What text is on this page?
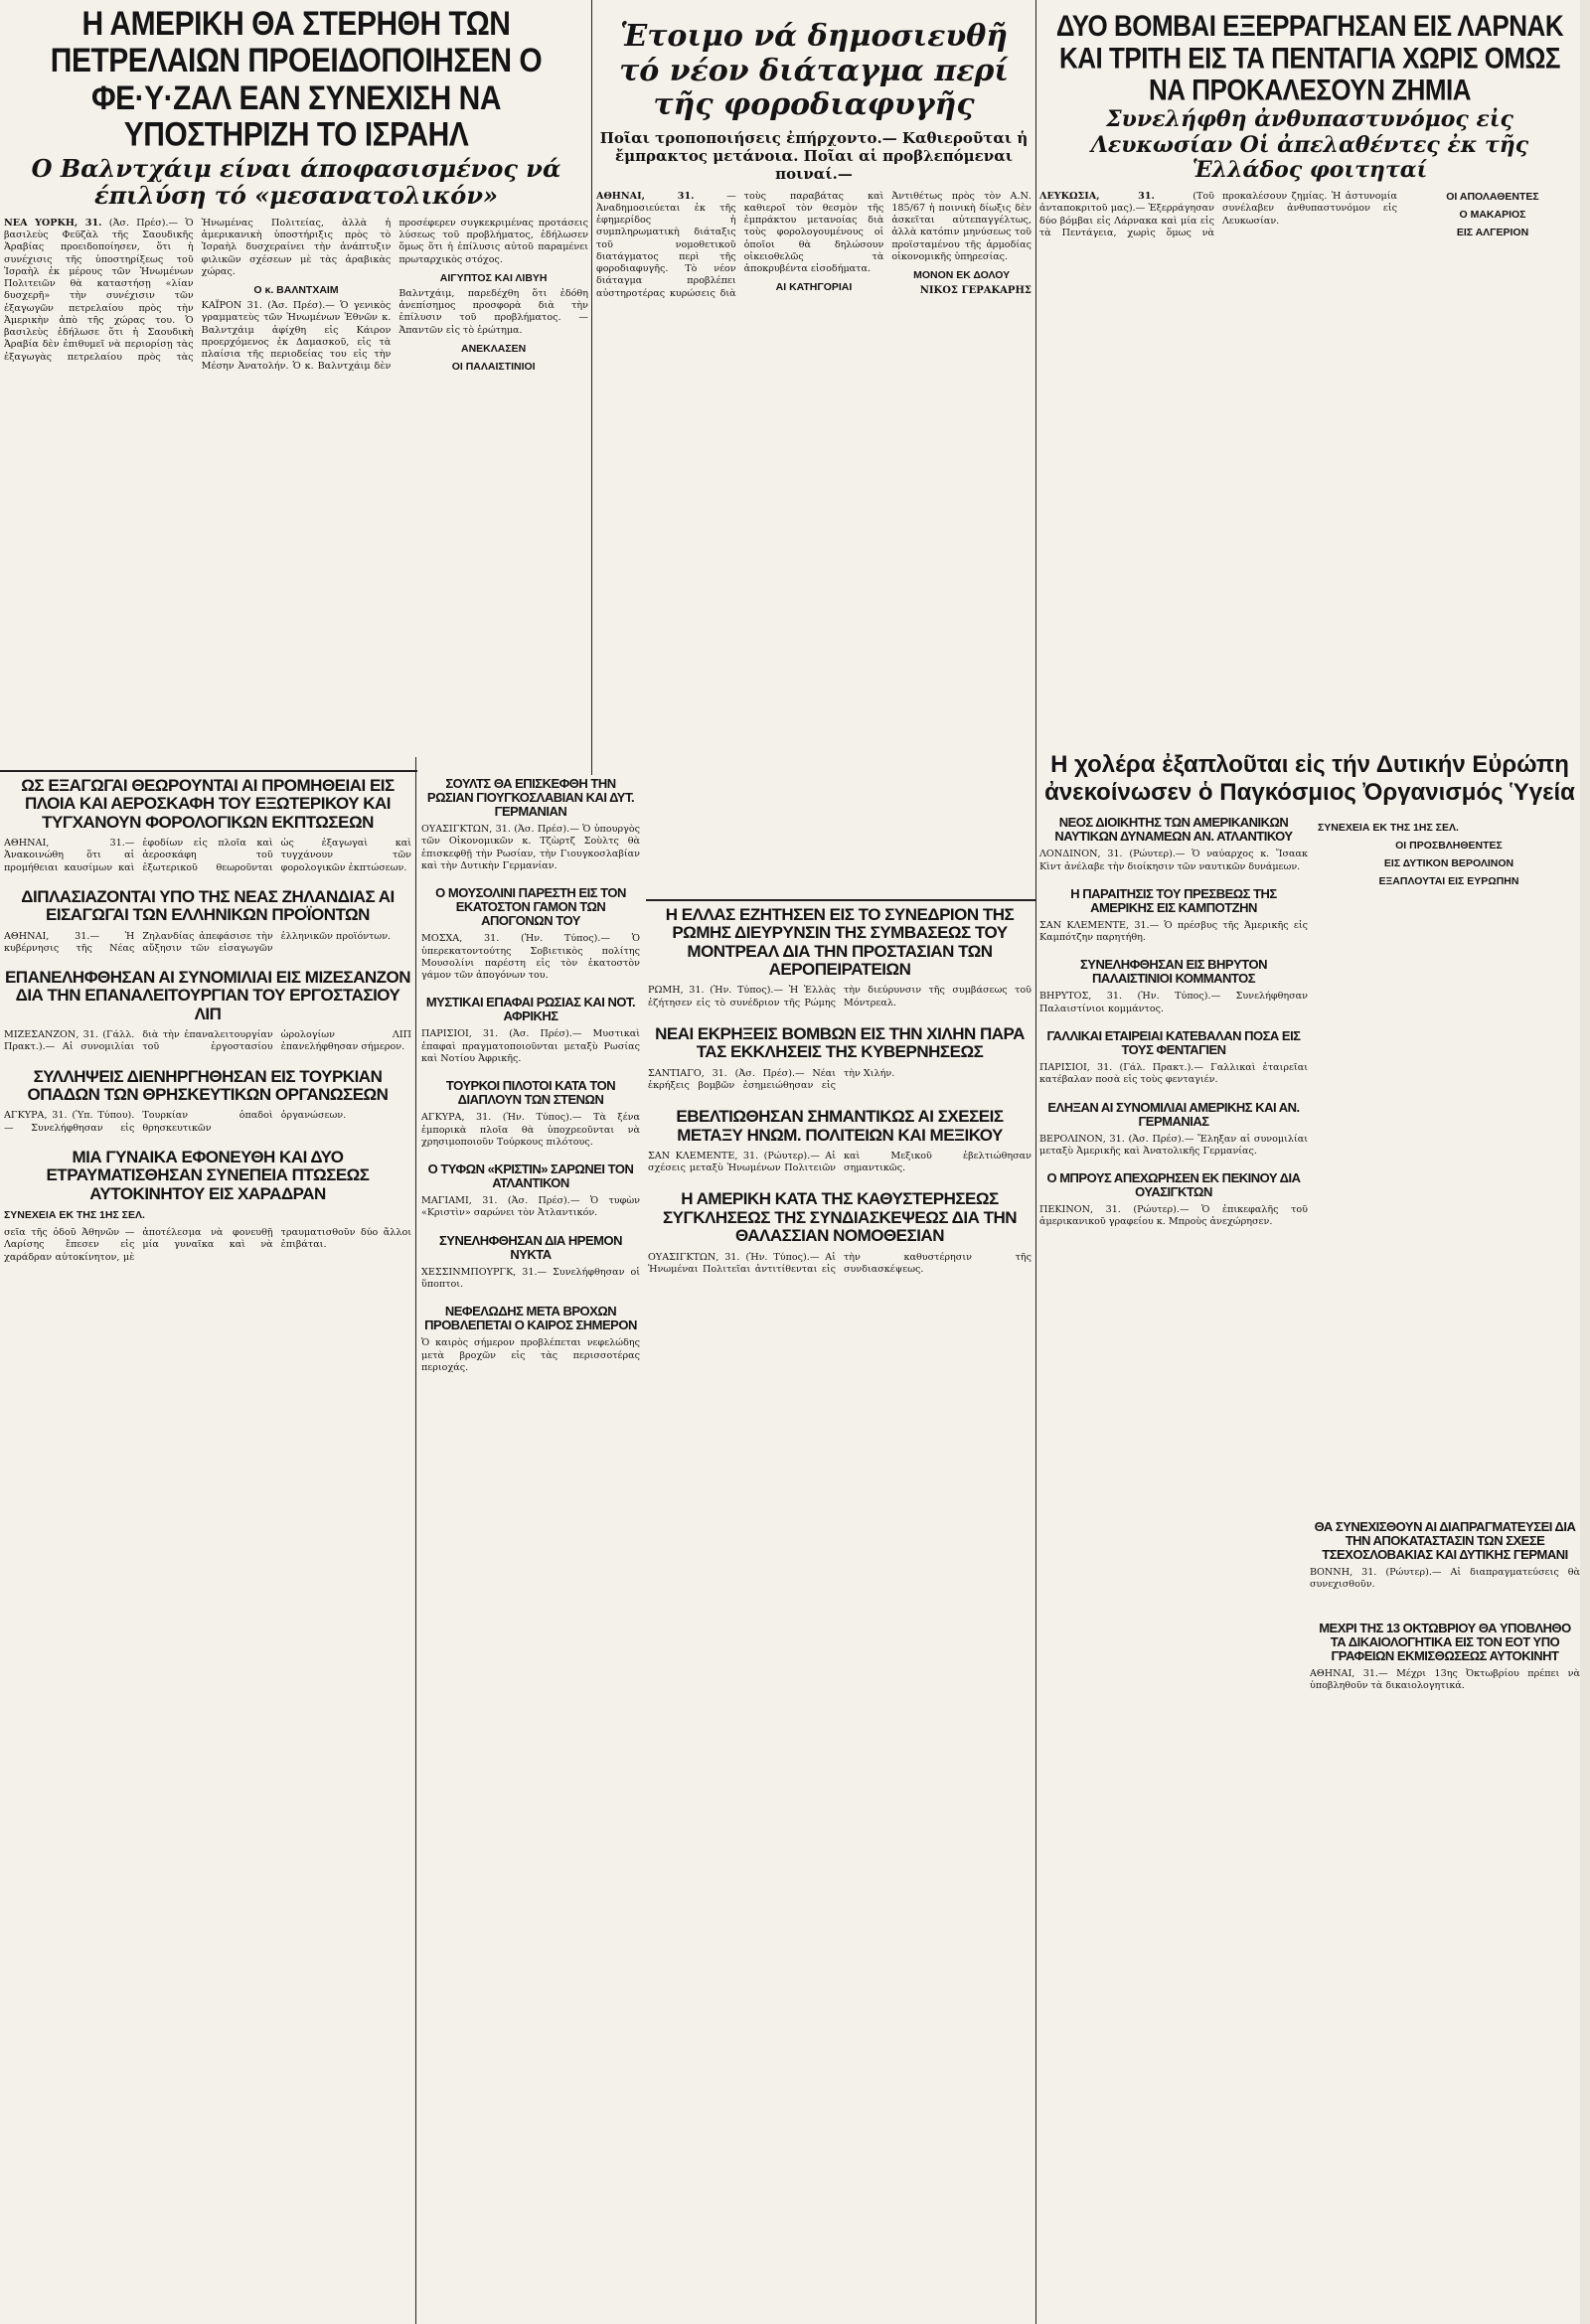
Η ΑΜΕΡΙΚΗ ΘΑ ΣΤΕΡΗΘΗ ΤΩΝ ΠΕΤΡΕΛΑΙΩΝ ΠΡΟΕΙΔΟΠΟΙΗΣΕΝ Ο ΦΕ·Υ·ΖΑΛ ΕΑΝ ΣΥΝΕΧΙΣΗ ΝΑ ΥΠΟΣΤΗΡΙΖΗ ΤΟ ΙΣΡΑΗΛ
Ο Βαλντχάιμ είναι άποφασισμένος νά έπιλύση τό «μεσανατολικόν»

ΝΕΑ ΥΟΡΚΗ, 31. (Ἀσ. Πρέσ).— Ὁ βασιλεὺς Φεϋζὰλ τῆς Σαουδικῆς Ἀραβίας προειδοποίησεν, ὅτι ἡ συνέχισις τῆς ὑποστηρίξεως τοῦ Ἰσραὴλ ἐκ μέρους τῶν Ἡνωμένων Πολιτειῶν θὰ καταστήσῃ «λίαν δυσχερῆ» τὴν συνέχισιν τῶν ἐξαγωγῶν πετρελαίου πρὸς τὴν Ἀμερικὴν ἀπὸ τῆς χώρας του. Ὁ βασιλεὺς ἐδήλωσε ὅτι ἡ Σαουδικὴ Ἀραβία δὲν ἐπιθυμεῖ νὰ περιορίσῃ τὰς ἐξαγωγὰς πετρελαίου πρὸς τὰς Ἡνωμένας Πολιτείας, ἀλλὰ ἡ ἀμερικανικὴ ὑποστήριξις πρὸς τὸ Ἰσραὴλ δυσχεραίνει τὴν ἀνάπτυξιν φιλικῶν σχέσεων μὲ τὰς ἀραβικὰς χώρας.

Ο κ. ΒΑΛΝΤΧΑΙΜ

ΚΑΪΡΟΝ 31. (Ἀσ. Πρέσ).— Ὁ γενικὸς γραμματεὺς τῶν Ἡνωμένων Ἐθνῶν κ. Βαλντχάιμ ἀφίχθη εἰς Κάιρον προερχόμενος ἐκ Δαμασκοῦ, εἰς τὰ πλαίσια τῆς περιοδείας του εἰς τὴν Μέσην Ἀνατολήν. Ὁ κ. Βαλντχάιμ δὲν προσέφερεν συγκεκριμένας προτάσεις λύσεως τοῦ προβλήματος, ἐδήλωσεν ὅμως ὅτι ἡ ἐπίλυσις αὐτοῦ παραμένει πρωταρχικὸς στόχος.

ΑΙΓΥΠΤΟΣ ΚΑΙ ΛΙΒΥΗ

Βαλντχάιμ, παρεδέχθη ὅτι ἐδόθη ἀνεπίσημος προσφορὰ διὰ τὴν ἐπίλυσιν τοῦ προβλήματος. — Ἀπαντῶν εἰς τὸ ἐρώτημα.

ΑΝΕΚΛΑΣΕΝ
ΟΙ ΠΑΛΑΙΣΤΙΝΙΟΙ
Ἑτοιμο νά δημοσιευθῆ τό νέον διάταγμα περί τῆς φοροδιαφυγῆς
Ποῖαι τροποποιήσεις ἐπήρχοντο.— Καθιεροῦται ἡ ἔμπρακτος μετάνοια. Ποῖαι αἱ προβλεπόμεναι ποιναί.—

ΑΘΗΝΑΙ, 31.	— Ἀναδημοσιεύεται ἐκ τῆς ἐφημερίδος ἡ συμπληρωματικὴ διάταξις τοῦ νομοθετικοῦ διατάγματος περὶ τῆς φοροδιαφυγῆς. Τὸ νέον διάταγμα προβλέπει αὐστηροτέρας κυρώσεις διὰ τοὺς παραβάτας καὶ καθιεροῖ τὸν θεσμὸν τῆς ἐμπράκτου μετανοίας διὰ τοὺς φορολογουμένους οἱ ὁποῖοι θὰ δηλώσουν οἰκειοθελῶς τὰ ἀποκρυβέντα εἰσοδήματα.

ΑΙ ΚΑΤΗΓΟΡΙΑΙ

Ἀντιθέτως πρὸς τὸν Α.Ν. 185/67 ἡ ποινικὴ δίωξις δὲν ἀσκεῖται αὐτεπαγγέλτως, ἀλλὰ κατόπιν μηνύσεως τοῦ προϊσταμένου τῆς ἁρμοδίας οἰκονομικῆς ὑπηρεσίας.

ΜΟΝΟΝ ΕΚ ΔΟΛΟΥ
ΝΙΚΟΣ ΓΕΡΑΚΑΡΗΣ
ΔΥΟ ΒΟΜΒΑΙ ΕΞΕΡΡΑΓΗΣΑΝ ΕΙΣ ΛΑΡΝΑΚ ΚΑΙ ΤΡΙΤΗ ΕΙΣ ΤΑ ΠΕΝΤΑΓΙΑ ΧΩΡΙΣ ΟΜΩΣ ΝΑ ΠΡΟΚΑΛΕΣΟΥΝ ΖΗΜΙΑ
Συνελήφθη ἀνθυπαστυνόμος εἰς Λευκωσίαν Οἱ ἀπελαθέντες ἐκ τῆς Ἑλλάδος φοιτηταί

ΛΕΥΚΩΣΙΑ, 31.	(Τοῦ ἀνταποκριτοῦ μας).— Ἐξερράγησαν δύο βόμβαι εἰς Λάρνακα καὶ μία εἰς τὰ Πεντάγεια, χωρὶς ὅμως νὰ προκαλέσουν ζημίας. Ἡ ἀστυνομία συνέλαβεν ἀνθυπαστυνόμον εἰς Λευκωσίαν.

ΟΙ ΑΠΟΛΑΘΕΝΤΕΣ
Ο ΜΑΚΑΡΙΟΣ
ΕΙΣ ΑΛΓΕΡΙΟΝ
ΩΣ ΕΞΑΓΩΓΑΙ ΘΕΩΡΟΥΝΤΑΙ ΑΙ ΠΡΟΜΗΘΕΙΑΙ ΕΙΣ ΠΛΟΙΑ ΚΑΙ ΑΕΡΟΣΚΑΦΗ ΤΟΥ ΕΞΩΤΕΡΙΚΟΥ ΚΑΙ ΤΥΓΧΑΝΟΥΝ ΦΟΡΟΛΟΓΙΚΩΝ ΕΚΠΤΩΣΕΩΝ

ΑΘΗΝΑΙ, 31.— Ἀνακοινώθη ὅτι αἱ προμήθειαι καυσίμων καὶ ἐφοδίων εἰς πλοῖα καὶ ἀεροσκάφη τοῦ ἐξωτερικοῦ θεωροῦνται ὡς ἐξαγωγαὶ καὶ τυγχάνουν τῶν φορολογικῶν ἐκπτώσεων.

ΔΙΠΛΑΣΙΑΖΟΝΤΑΙ ΥΠΟ ΤΗΣ ΝΕΑΣ ΖΗΛΑΝΔΙΑΣ ΑΙ ΕΙΣΑΓΩΓΑΙ ΤΩΝ ΕΛΛΗΝΙΚΩΝ ΠΡΟΪΟΝΤΩΝ

ΑΘΗΝΑΙ, 31.— Ἡ κυβέρνησις τῆς Νέας Ζηλανδίας ἀπεφάσισε τὴν αὔξησιν τῶν εἰσαγωγῶν ἑλληνικῶν προϊόντων.

ΕΠΑΝΕΛΗΦΘΗΣΑΝ ΑΙ ΣΥΝΟΜΙΛΙΑΙ ΕΙΣ ΜΙΖΕΣΑΝΖΟΝ ΔΙΑ ΤΗΝ ΕΠΑΝΑΛΕΙΤΟΥΡΓΙΑΝ ΤΟΥ ΕΡΓΟΣΤΑΣΙΟΥ ΛΙΠ

ΜΙΖΕΣΑΝΖΟΝ, 31. (Γάλλ. Πρακτ.).— Αἱ συνομιλίαι διὰ τὴν ἐπαναλειτουργίαν τοῦ ἐργοστασίου ὡρολογίων ΛΙΠ ἐπανελήφθησαν σήμερον.

ΣΥΛΛΗΨΕΙΣ ΔΙΕΝΗΡΓΗΘΗΣΑΝ ΕΙΣ ΤΟΥΡΚΙΑΝ ΟΠΑΔΩΝ ΤΩΝ ΘΡΗΣΚΕΥΤΙΚΩΝ ΟΡΓΑΝΩΣΕΩΝ

ΑΓΚΥΡΑ, 31. (Ὑπ. Τύπου).— Συνελήφθησαν εἰς Τουρκίαν ὀπαδοὶ θρησκευτικῶν ὀργανώσεων.

ΜΙΑ ΓΥΝΑΙΚΑ ΕΦΟΝΕΥΘΗ ΚΑΙ ΔΥΟ ΕΤΡΑΥΜΑΤΙΣΘΗΣΑΝ ΣΥΝΕΠΕΙΑ ΠΤΩΣΕΩΣ ΑΥΤΟΚΙΝΗΤΟΥ ΕΙΣ ΧΑΡΑΔΡΑΝ
ΣΥΝΕΧΕΙΑ ΕΚ ΤΗΣ 1ΗΣ ΣΕΛ.

σεῖα τῆς ὁδοῦ Ἀθηνῶν — Λαρίσης ἔπεσεν εἰς χαράδραν αὐτοκίνητον, μὲ ἀποτέλεσμα νὰ φονευθῇ μία γυναῖκα καὶ νὰ τραυματισθοῦν δύο ἄλλοι ἐπιβάται.

ΣΟΥΛΤΣ ΘΑ ΕΠΙΣΚΕΦΘΗ ΤΗΝ ΡΩΣΙΑΝ ΓΙΟΥΓΚΟΣΛΑΒΙΑΝ ΚΑΙ ΔΥΤ. ΓΕΡΜΑΝΙΑΝ

ΟΥΑΣΙΓΚΤΩΝ, 31. (Ἀσ. Πρέσ).— Ὁ ὑπουργὸς τῶν Οἰκονομικῶν κ. Τζὼρτζ Σοὺλτς θὰ ἐπισκεφθῇ τὴν Ρωσίαν, τὴν Γιουγκοσλαβίαν καὶ τὴν Δυτικὴν Γερμανίαν.

Ο ΜΟΥΣΟΛΙΝΙ ΠΑΡΕΣΤΗ ΕΙΣ ΤΟΝ ΕΚΑΤΟΣΤΟΝ ΓΑΜΟΝ ΤΩΝ ΑΠΟΓΟΝΩΝ ΤΟΥ

ΜΟΣΧΑ, 31. (Ἡν. Τύπος).— Ὁ ὑπερεκατοντούτης Σοβιετικὸς πολίτης Μουσολίνι παρέστη εἰς τὸν ἑκατοστὸν γάμον τῶν ἀπογόνων του.

ΜΥΣΤΙΚΑΙ ΕΠΑΦΑΙ ΡΩΣΙΑΣ ΚΑΙ ΝΟΤ. ΑΦΡΙΚΗΣ

ΠΑΡΙΣΙΟΙ, 31. (Ἀσ. Πρέσ).— Μυστικαὶ ἐπαφαὶ πραγματοποιοῦνται μεταξὺ Ρωσίας καὶ Νοτίου Ἀφρικῆς.

ΤΟΥΡΚΟΙ ΠΙΛΟΤΟΙ ΚΑΤΑ ΤΟΝ ΔΙΑΠΛΟΥΝ ΤΩΝ ΣΤΕΝΩΝ

ΑΓΚΥΡΑ, 31. (Ἡν. Τύπος).— Τὰ ξένα ἐμπορικὰ πλοῖα θὰ ὑποχρεοῦνται νὰ χρησιμοποιοῦν Τούρκους πιλότους.

Ο ΤΥΦΩΝ «ΚΡΙΣΤΙΝ» ΣΑΡΩΝΕΙ ΤΟΝ ΑΤΛΑΝΤΙΚΟΝ

ΜΑΓΙΑΜΙ, 31. (Ἀσ. Πρέσ).— Ὁ τυφὼν «Κριστὶν» σαρώνει τὸν Ἀτλαντικόν.

ΣΥΝΕΛΗΦΘΗΣΑΝ ΔΙΑ ΗΡΕΜΟΝ ΝΥΚΤΑ

ΧΕΣΣΙΝΜΠΟΥΡΓΚ, 31.— Συνελήφθησαν οἱ ὕποπτοι.

ΝΕΦΕΛΩΔΗΣ ΜΕΤΑ ΒΡΟΧΩΝ ΠΡΟΒΛΕΠΕΤΑΙ Ο ΚΑΙΡΟΣ ΣΗΜΕΡΟΝ

Ὁ καιρὸς σήμερον προβλέπεται νεφελώδης μετὰ βροχῶν εἰς τὰς περισσοτέρας περιοχάς.

Η ΕΛΛΑΣ ΕΖΗΤΗΣΕΝ ΕΙΣ ΤΟ ΣΥΝΕΔΡΙΟΝ ΤΗΣ ΡΩΜΗΣ ΔΙΕΥΡΥΝΣΙΝ ΤΗΣ ΣΥΜΒΑΣΕΩΣ ΤΟΥ ΜΟΝΤΡΕΑΛ ΔΙΑ ΤΗΝ ΠΡΟΣΤΑΣΙΑΝ ΤΩΝ ΑΕΡΟΠΕΙΡΑΤΕΙΩΝ

ΡΩΜΗ, 31. (Ἡν. Τύπος).— Ἡ Ἑλλὰς ἐζήτησεν εἰς τὸ συνέδριον τῆς Ρώμης τὴν διεύρυνσιν τῆς συμβάσεως τοῦ Μόντρεαλ.

ΝΕΑΙ ΕΚΡΗΞΕΙΣ ΒΟΜΒΩΝ ΕΙΣ ΤΗΝ ΧΙΛΗΝ ΠΑΡΑ ΤΑΣ ΕΚΚΛΗΣΕΙΣ ΤΗΣ ΚΥΒΕΡΝΗΣΕΩΣ

ΣΑΝΤΙΑΓΟ, 31. (Ἀσ. Πρέσ).— Νέαι ἐκρήξεις βομβῶν ἐσημειώθησαν εἰς τὴν Χιλήν.

ΕΒΕΛΤΙΩΘΗΣΑΝ ΣΗΜΑΝΤΙΚΩΣ ΑΙ ΣΧΕΣΕΙΣ ΜΕΤΑΞΥ ΗΝΩΜ. ΠΟΛΙΤΕΙΩΝ ΚΑΙ ΜΕΞΙΚΟΥ

ΣΑΝ ΚΛΕΜΕΝΤΕ, 31. (Ρώυτερ).— Αἱ σχέσεις μεταξὺ Ἡνωμένων Πολιτειῶν καὶ Μεξικοῦ ἐβελτιώθησαν σημαντικῶς.

Η ΑΜΕΡΙΚΗ ΚΑΤΑ ΤΗΣ ΚΑΘΥΣΤΕΡΗΣΕΩΣ ΣΥΓΚΛΗΣΕΩΣ ΤΗΣ ΣΥΝΔΙΑΣΚΕΨΕΩΣ ΔΙΑ ΤΗΝ ΘΑΛΑΣΣΙΑΝ ΝΟΜΟΘΕΣΙΑΝ

ΟΥΑΣΙΓΚΤΩΝ, 31. (Ἡν. Τύπος).— Αἱ Ἡνωμέναι Πολιτεῖαι ἀντιτίθενται εἰς τὴν καθυστέρησιν τῆς συνδιασκέψεως.

Η χολέρα ἐξαπλοῦται εἰς τήν Δυτικήν Εὐρώπη ἀνεκοίνωσεν ὁ Παγκόσμιος Ὀργανισμός Ὑγεία
ΝΕΟΣ ΔΙΟΙΚΗΤΗΣ ΤΩΝ ΑΜΕΡΙΚΑΝΙΚΩΝ ΝΑΥΤΙΚΩΝ ΔΥΝΑΜΕΩΝ ΑΝ. ΑΤΛΑΝΤΙΚΟΥ

ΛΟΝΔΙΝΟΝ, 31. (Ρώυτερ).— Ὁ ναύαρχος κ. Ἴσαακ Κὶντ ἀνέλαβε τὴν διοίκησιν τῶν ναυτικῶν δυνάμεων.

Η ΠΑΡΑΙΤΗΣΙΣ ΤΟΥ ΠΡΕΣΒΕΩΣ ΤΗΣ ΑΜΕΡΙΚΗΣ ΕΙΣ ΚΑΜΠΟΤΖΗΝ

ΣΑΝ ΚΛΕΜΕΝΤΕ, 31.— Ὁ πρέσβυς τῆς Ἀμερικῆς εἰς Καμπότζην παρητήθη.

ΣΥΝΕΛΗΦΘΗΣΑΝ ΕΙΣ ΒΗΡΥΤΟΝ ΠΑΛΑΙΣΤΙΝΙΟΙ ΚΟΜΜΑΝΤΟΣ

ΒΗΡΥΤΟΣ, 31. (Ἡν. Τύπος).— Συνελήφθησαν Παλαιστίνιοι κομμάντος.

ΓΑΛΛΙΚΑΙ ΕΤΑΙΡΕΙΑΙ ΚΑΤΕΒΑΛΑΝ ΠΟΣΑ ΕΙΣ ΤΟΥΣ ΦΕΝΤΑΓΙΕΝ

ΠΑΡΙΣΙΟΙ, 31. (Γάλ. Πρακτ.).— Γαλλικαὶ ἑταιρεῖαι κατέβαλαν ποσὰ εἰς τοὺς φενταγιέν.

ΕΛΗΞΑΝ ΑΙ ΣΥΝΟΜΙΛΙΑΙ ΑΜΕΡΙΚΗΣ ΚΑΙ ΑΝ. ΓΕΡΜΑΝΙΑΣ

ΒΕΡΟΛΙΝΟΝ, 31. (Ἀσ. Πρέσ).— Ἔληξαν αἱ συνομιλίαι μεταξὺ Ἀμερικῆς καὶ Ἀνατολικῆς Γερμανίας.

Ο ΜΠΡΟΥΣ ΑΠΕΧΩΡΗΣΕΝ ΕΚ ΠΕΚΙΝΟΥ ΔΙΑ ΟΥΑΣΙΓΚΤΩΝ

ΠΕΚΙΝΟΝ, 31. (Ρώυτερ).— Ὁ ἐπικεφαλῆς τοῦ ἀμερικανικοῦ γραφείου κ. Μπροὺς ἀνεχώρησεν.

ΣΥΝΕΧΕΙΑ ΕΚ ΤΗΣ 1ΗΣ ΣΕΛ.
ΟΙ ΠΡΟΣΒΛΗΘΕΝΤΕΣ
ΕΙΣ ΔΥΤΙΚΟΝ ΒΕΡΟΛΙΝΟΝ
ΕΞΑΠΛΟΥΤΑΙ ΕΙΣ ΕΥΡΩΠΗΝ
ΘΑ ΣΥΝΕΧΙΣΘΟΥΝ ΑΙ ΔΙΑΠΡΑΓΜΑΤΕΥΣΕΙ ΔΙΑ ΤΗΝ ΑΠΟΚΑΤΑΣΤΑΣΙΝ ΤΩΝ ΣΧΕΣΕ ΤΣΕΧΟΣΛΟΒΑΚΙΑΣ ΚΑΙ ΔΥΤΙΚΗΣ ΓΕΡΜΑΝΙ

ΒΟΝΝΗ, 31. (Ρώυτερ).— Αἱ διαπραγματεύσεις θὰ συνεχισθοῦν.

ΜΕΧΡΙ ΤΗΣ 13 ΟΚΤΩΒΡΙΟΥ ΘΑ ΥΠΟΒΛΗΘΟ ΤΑ ΔΙΚΑΙΟΛΟΓΗΤΙΚΑ ΕΙΣ ΤΟΝ ΕΟΤ ΥΠΟ ΓΡΑΦΕΙΩΝ ΕΚΜΙΣΘΩΣΕΩΣ ΑΥΤΟΚΙΝΗΤ

ΑΘΗΝΑΙ, 31.— Μέχρι 13ης Ὀκτωβρίου πρέπει νὰ ὑποβληθοῦν τὰ δικαιολογητικά.
